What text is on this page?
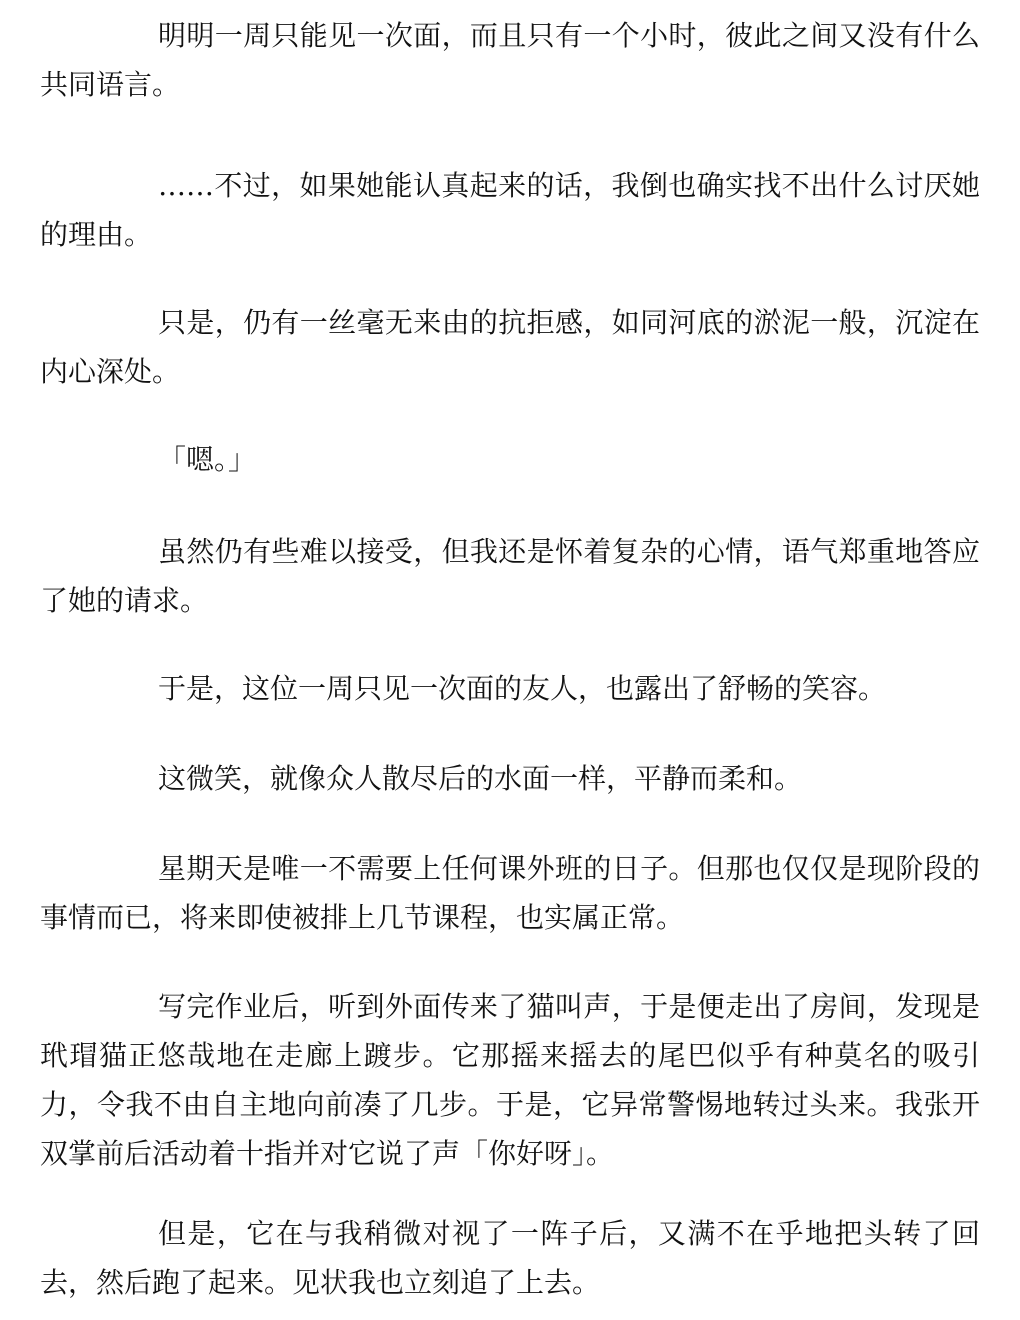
明明一周只能见一次面，而且只有一个小时，彼此之间又没有什么共同语言。

……不过，如果她能认真起来的话，我倒也确实找不出什么讨厌她的理由。

只是，仍有一丝毫无来由的抗拒感，如同河底的淤泥一般，沉淀在内心深处。

「嗯。」

虽然仍有些难以接受，但我还是怀着复杂的心情，语气郑重地答应了她的请求。

于是，这位一周只见一次面的友人，也露出了舒畅的笑容。

这微笑，就像众人散尽后的水面一样，平静而柔和。

星期天是唯一不需要上任何课外班的日子。但那也仅仅是现阶段的事情而已，将来即使被排上几节课程，也实属正常。

写完作业后，听到外面传来了猫叫声，于是便走出了房间，发现是玳瑁猫正悠哉地在走廊上踱步。它那摇来摇去的尾巴似乎有种莫名的吸引力，令我不由自主地向前凑了几步。于是，它异常警惕地转过头来。我张开双掌前后活动着十指并对它说了声「你好呀」。

但是，它在与我稍微对视了一阵子后，又满不在乎地把头转了回去，然后跑了起来。见状我也立刻追了上去。
